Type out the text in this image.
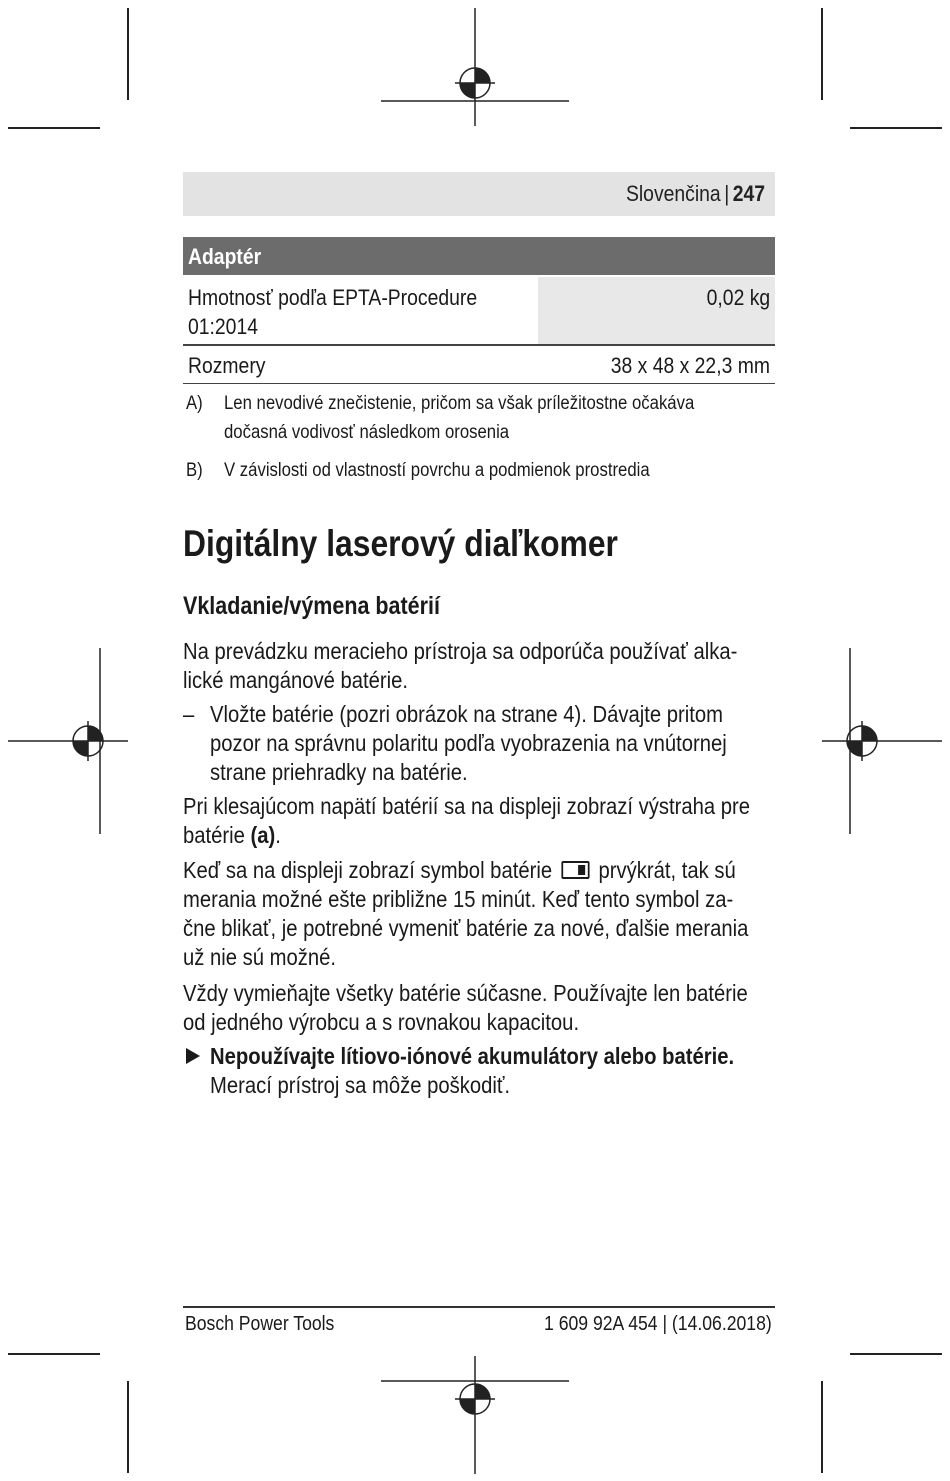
Slovenčina | 247
Adaptér
Hmotnosť podľa EPTA-Procedure
01:2014
0,02 kg
Rozmery	38 x 48 x 22,3 mm
A) Len nevodivé znečistenie, pričom sa však príležitostne očakáva
dočasná vodivosť následkom orosenia
B) V závislosti od vlastností povrchu a podmienok prostredia
Digitálny laserový diaľkomer
Vkladanie/výmena batérií
Na prevádzku meracieho prístroja sa odporúča používať alka-
lické mangánové batérie.
– Vložte batérie (pozri obrázok na strane 4). Dávajte pritom
pozor na správnu polaritu podľa vyobrazenia na vnútornej
strane priehradky na batérie.
Pri klesajúcom napätí batérií sa na displeji zobrazí výstraha pre
batérie (a).
Keď sa na displeji zobrazí symbol batérie prvýkrát, tak sú
merania možné ešte približne 15 minút. Keď tento symbol za-
čne blikať, je potrebné vymeniť batérie za nové, ďalšie merania
už nie sú možné.
Vždy vymieňajte všetky batérie súčasne. Používajte len batérie
od jedného výrobcu a s rovnakou kapacitou.
Nepoužívajte lítiovo-iónové akumulátory alebo batérie.
Merací prístroj sa môže poškodiť.
Bosch Power Tools	1 609 92A 454 | (14.06.2018)
